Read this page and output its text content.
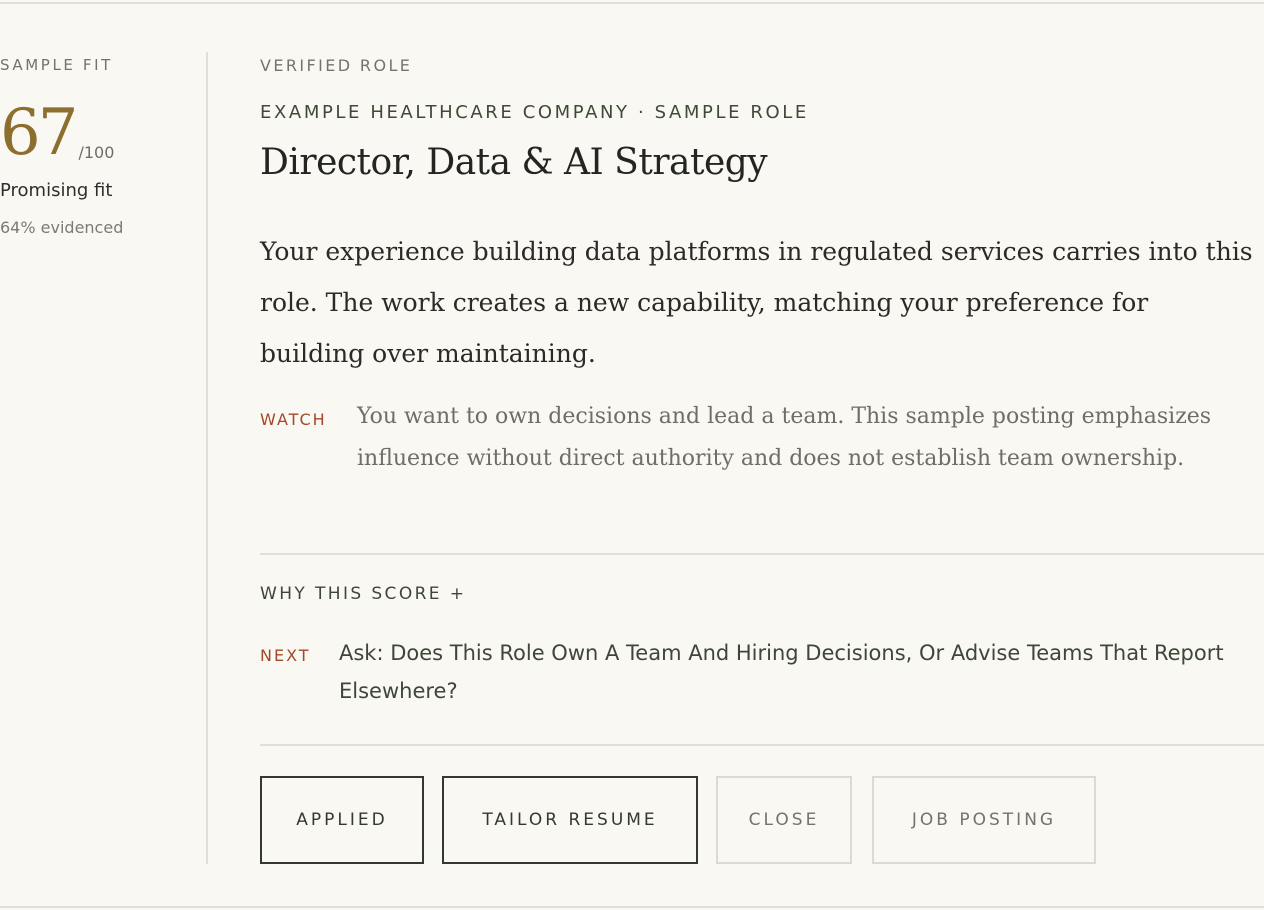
SAMPLE FIT
67 /100
Promising fit
64% evidenced
VERIFIED ROLE
EXAMPLE HEALTHCARE COMPANY · SAMPLE ROLE
Director, Data & AI Strategy

Your experience building data platforms in regulated services carries into this role. The work creates a new capability, matching your preference for building over maintaining.

WATCH You want to own decisions and lead a team. This sample posting emphasizes influence without direct authority and does not establish team ownership.

WHY THIS SCORE +
NEXT Ask: Does This Role Own A Team And Hiring Decisions, Or Advise Teams That Report Elsewhere?

APPLIED	TAILOR RESUME	CLOSE	JOB POSTING
